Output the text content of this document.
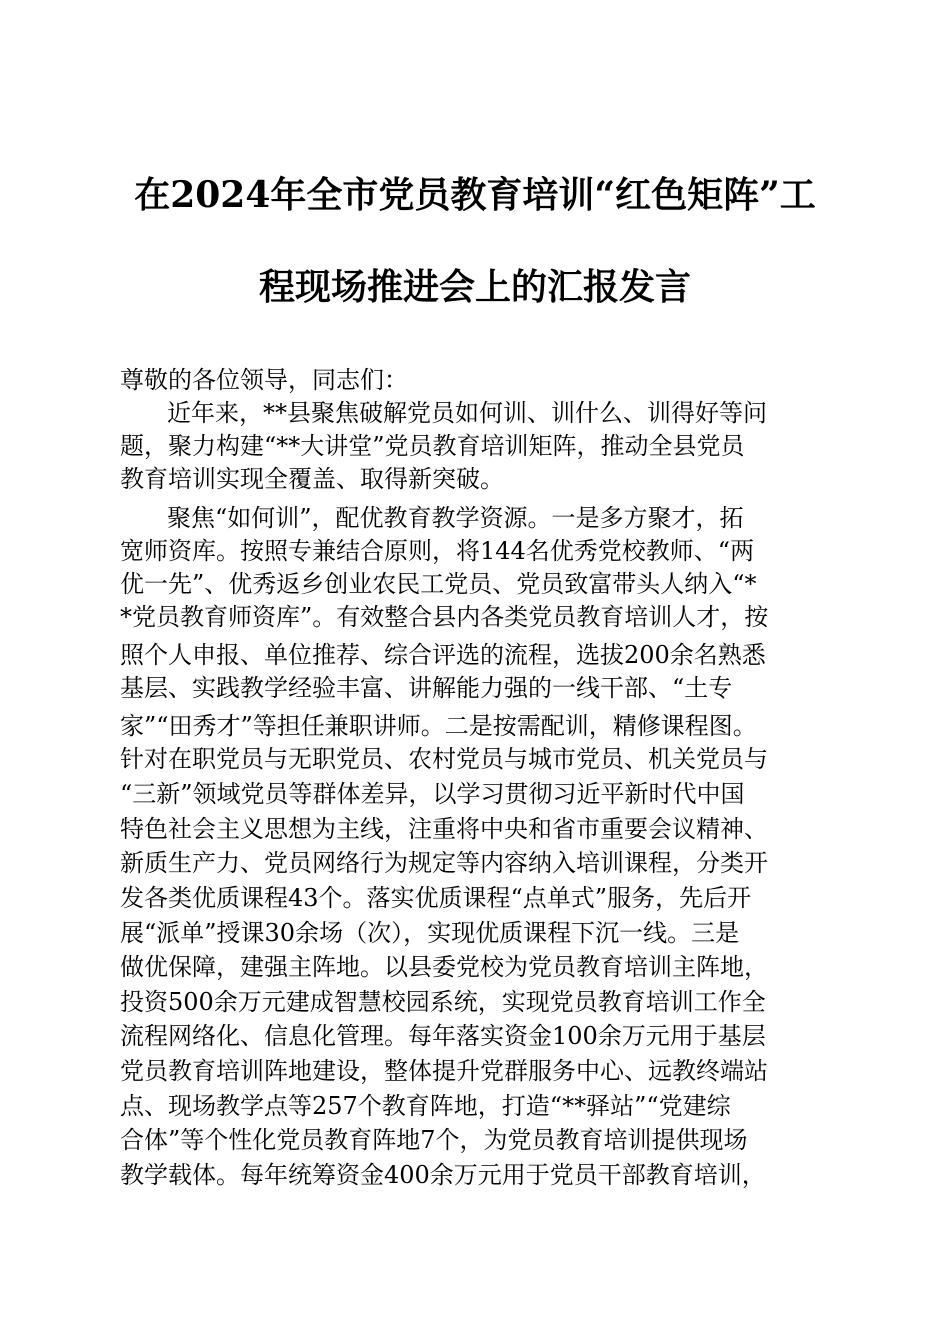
在2024年全市党员教育培训“红色矩阵”工
程现场推进会上的汇报发言
尊敬的各位领导，同志们：
近年来，**县聚焦破解党员如何训、训什么、训得好等问
题，聚力构建“**大讲堂”党员教育培训矩阵，推动全县党员
教育培训实现全覆盖、取得新突破。
聚焦“如何训”，配优教育教学资源。一是多方聚才，拓
宽师资库。按照专兼结合原则，将144名优秀党校教师、“两
优一先”、优秀返乡创业农民工党员、党员致富带头人纳入“*
*党员教育师资库”。有效整合县内各类党员教育培训人才，按
照个人申报、单位推荐、综合评选的流程，选拔200余名熟悉
基层、实践教学经验丰富、讲解能力强的一线干部、“土专
家”“田秀才”等担任兼职讲师。二是按需配训，精修课程图。
针对在职党员与无职党员、农村党员与城市党员、机关党员与
“三新”领域党员等群体差异，以学习贯彻习近平新时代中国
特色社会主义思想为主线，注重将中央和省市重要会议精神、
新质生产力、党员网络行为规定等内容纳入培训课程，分类开
发各类优质课程43个。落实优质课程“点单式”服务，先后开
展“派单”授课30余场（次），实现优质课程下沉一线。三是
做优保障，建强主阵地。以县委党校为党员教育培训主阵地，
投资500余万元建成智慧校园系统，实现党员教育培训工作全
流程网络化、信息化管理。每年落实资金100余万元用于基层
党员教育培训阵地建设，整体提升党群服务中心、远教终端站
点、现场教学点等257个教育阵地，打造“**驿站”“党建综
合体”等个性化党员教育阵地7个，为党员教育培训提供现场
教学载体。每年统筹资金400余万元用于党员干部教育培训，
